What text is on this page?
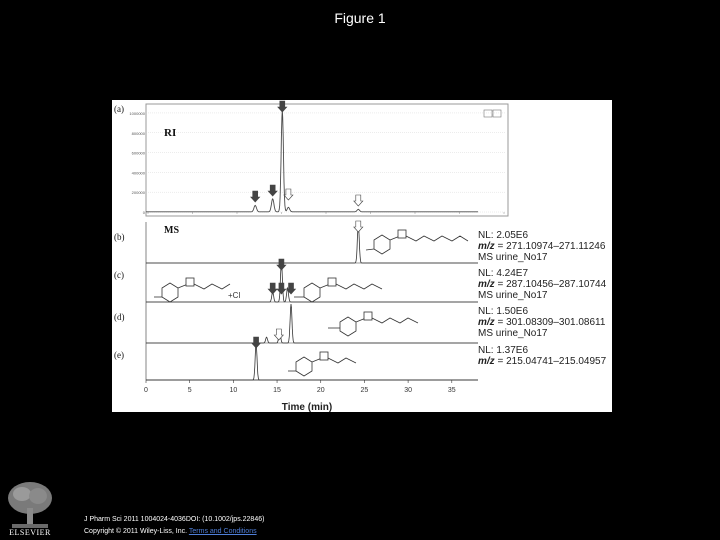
Figure 1
1000000
800000
600000
400000
200000
0
RI
(a)
(b)
(c)
(d)
(e)
MS
+Cl
NL: 2.05E6
m/z = 271.10974–271.11246
MS urine_No17
NL: 4.24E7
m/z = 287.10456–287.10744
MS urine_No17
NL: 1.50E6
m/z = 301.08309–301.08611
MS urine_No17
NL: 1.37E6
m/z = 215.04741–215.04957
0	5	10	15	20	25	30	35
Time (min)
ELSEVIER
J Pharm Sci 2011 1004024-4036DOI: (10.1002/jps.22846)
Copyright © 2011 Wiley-Liss, Inc. Terms and Conditions
